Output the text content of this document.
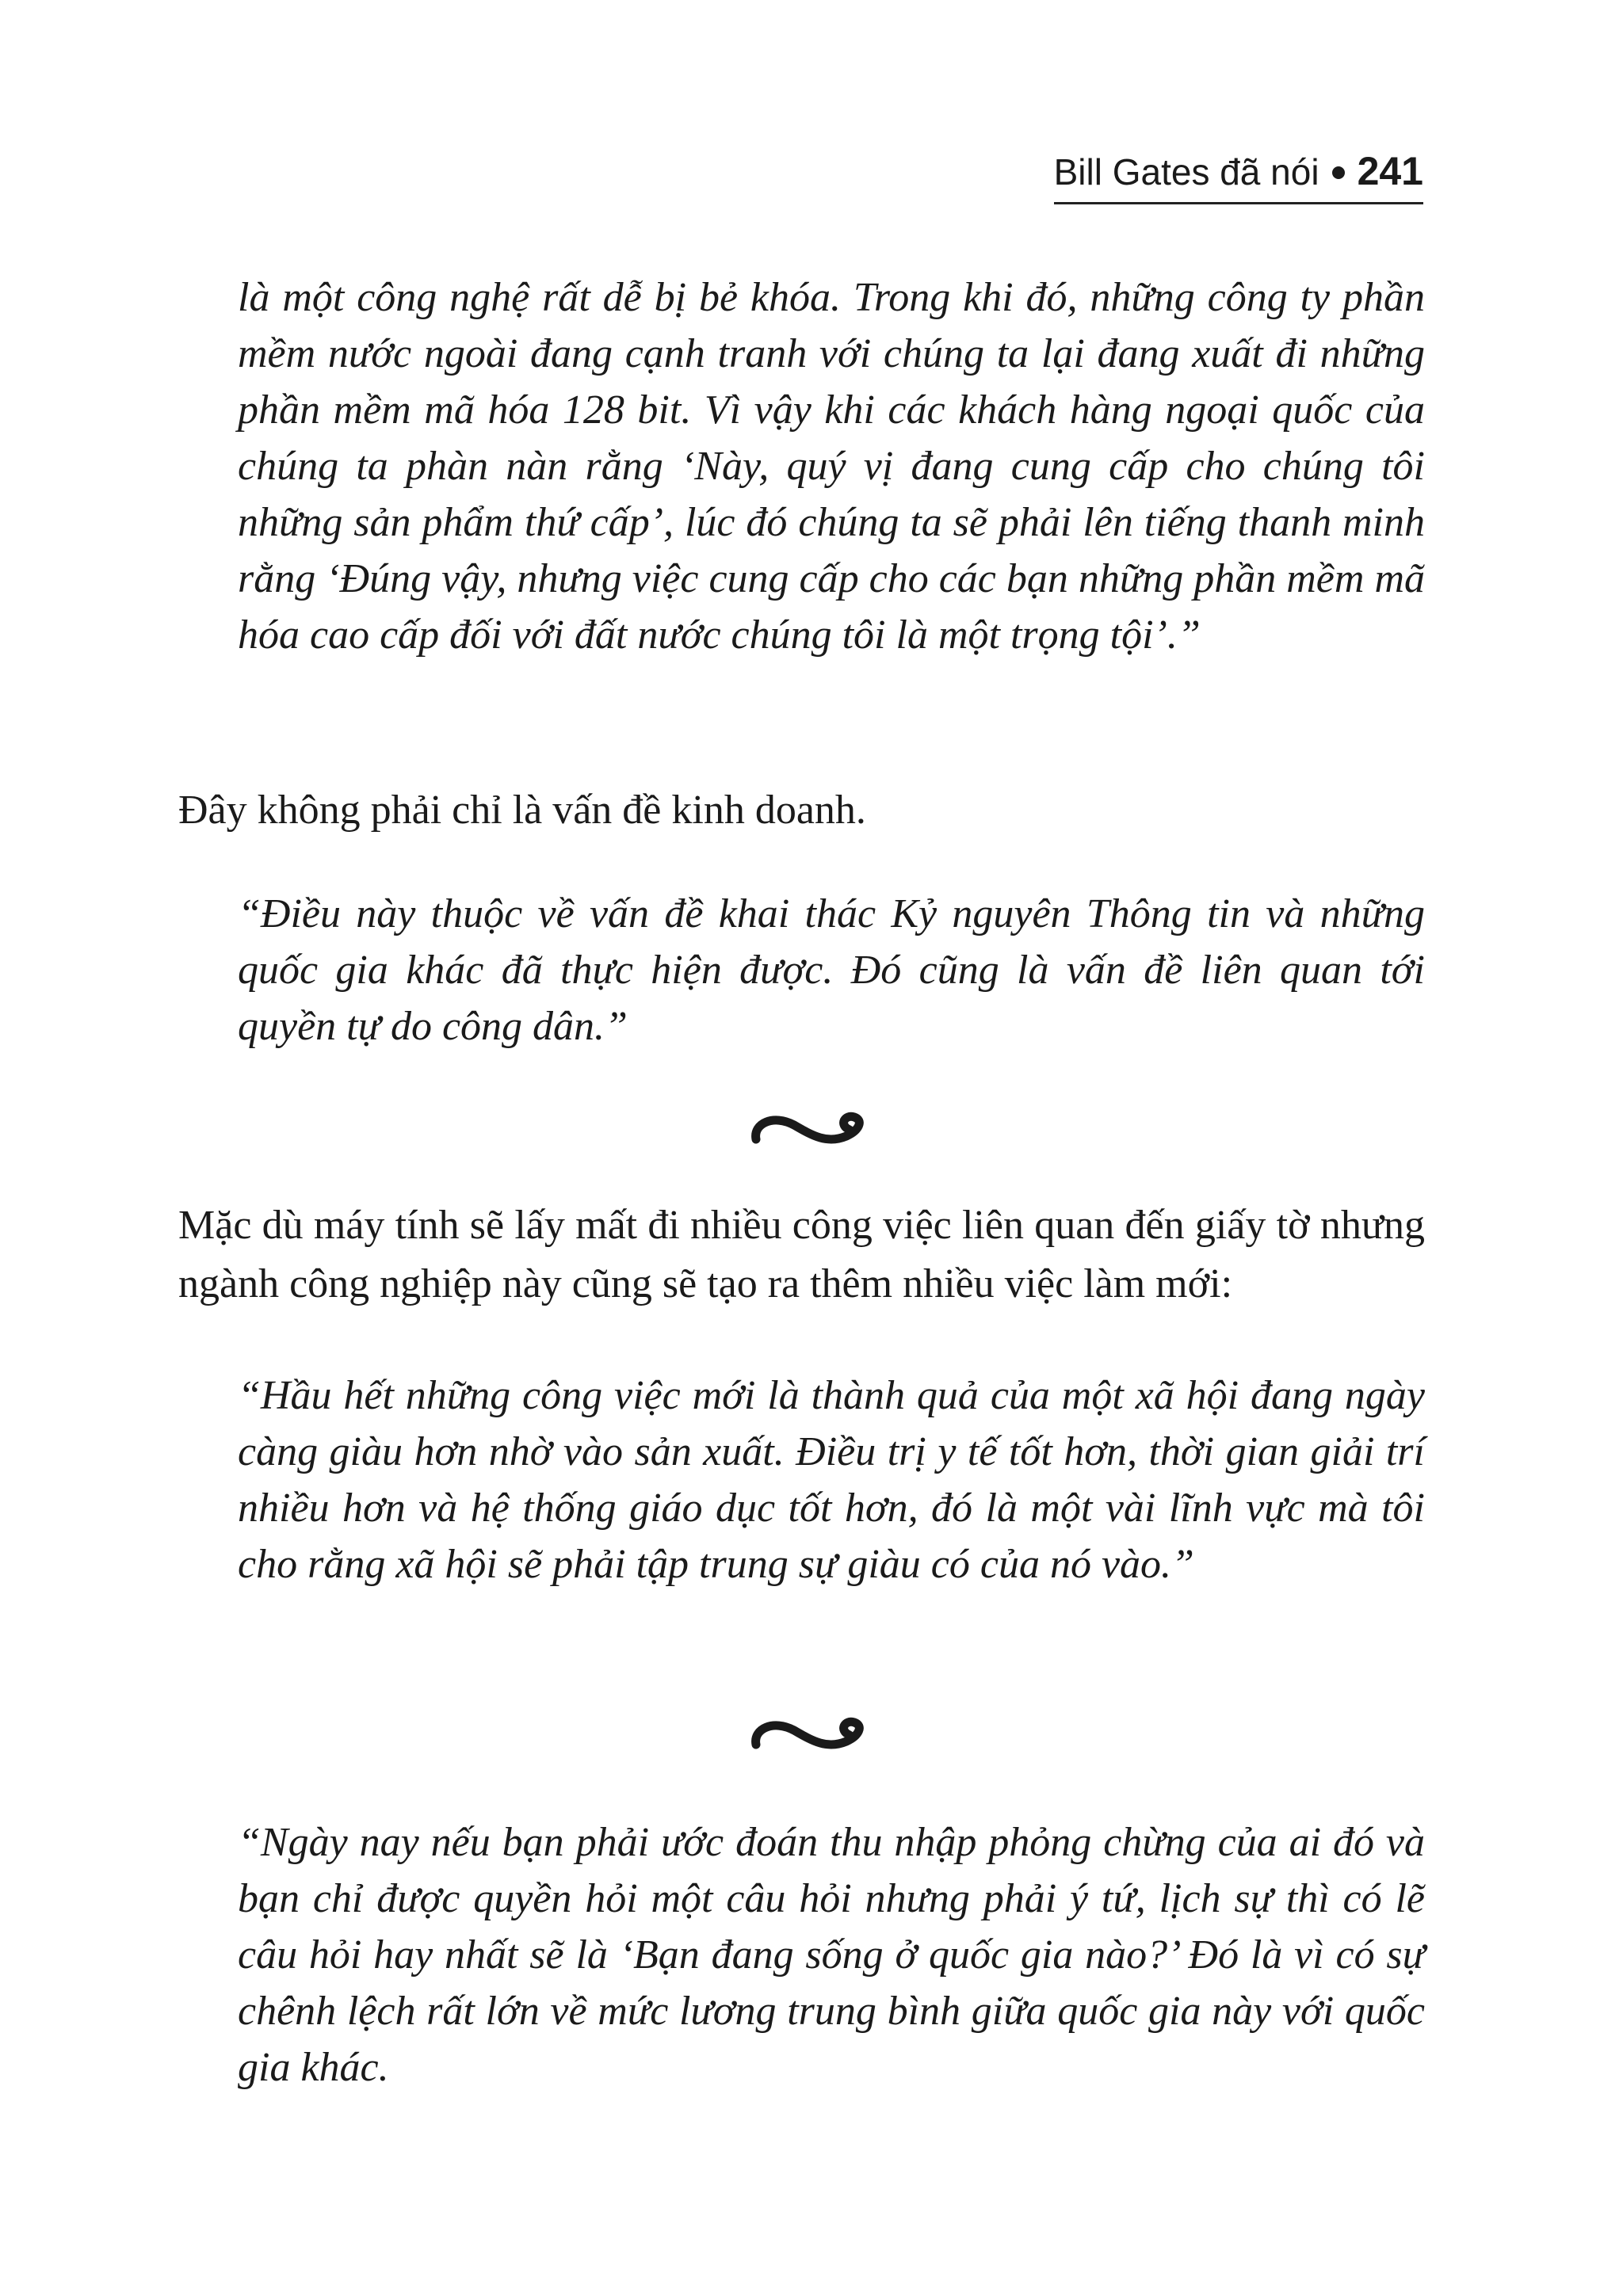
Bill Gates đã nói 241

là một công nghệ rất dễ bị bẻ khóa. Trong khi đó, những công ty phần mềm nước ngoài đang cạnh tranh với chúng ta lại đang xuất đi những phần mềm mã hóa 128 bit. Vì vậy khi các khách hàng ngoại quốc của chúng ta phàn nàn rằng ‘Này, quý vị đang cung cấp cho chúng tôi những sản phẩm thứ cấp’, lúc đó chúng ta sẽ phải lên tiếng thanh minh rằng ‘Đúng vậy, nhưng việc cung cấp cho các bạn những phần mềm mã hóa cao cấp đối với đất nước chúng tôi là một trọng tội’.”

Đây không phải chỉ là vấn đề kinh doanh.

“Điều này thuộc về vấn đề khai thác Kỷ nguyên Thông tin và những quốc gia khác đã thực hiện được. Đó cũng là vấn đề liên quan tới quyền tự do công dân.”

Mặc dù máy tính sẽ lấy mất đi nhiều công việc liên quan đến giấy tờ nhưng ngành công nghiệp này cũng sẽ tạo ra thêm nhiều việc làm mới:

“Hầu hết những công việc mới là thành quả của một xã hội đang ngày càng giàu hơn nhờ vào sản xuất. Điều trị y tế tốt hơn, thời gian giải trí nhiều hơn và hệ thống giáo dục tốt hơn, đó là một vài lĩnh vực mà tôi cho rằng xã hội sẽ phải tập trung sự giàu có của nó vào.”

“Ngày nay nếu bạn phải ước đoán thu nhập phỏng chừng của ai đó và bạn chỉ được quyền hỏi một câu hỏi nhưng phải ý tứ, lịch sự thì có lẽ câu hỏi hay nhất sẽ là ‘Bạn đang sống ở quốc gia nào?’ Đó là vì có sự chênh lệch rất lớn về mức lương trung bình giữa quốc gia này với quốc gia khác.
